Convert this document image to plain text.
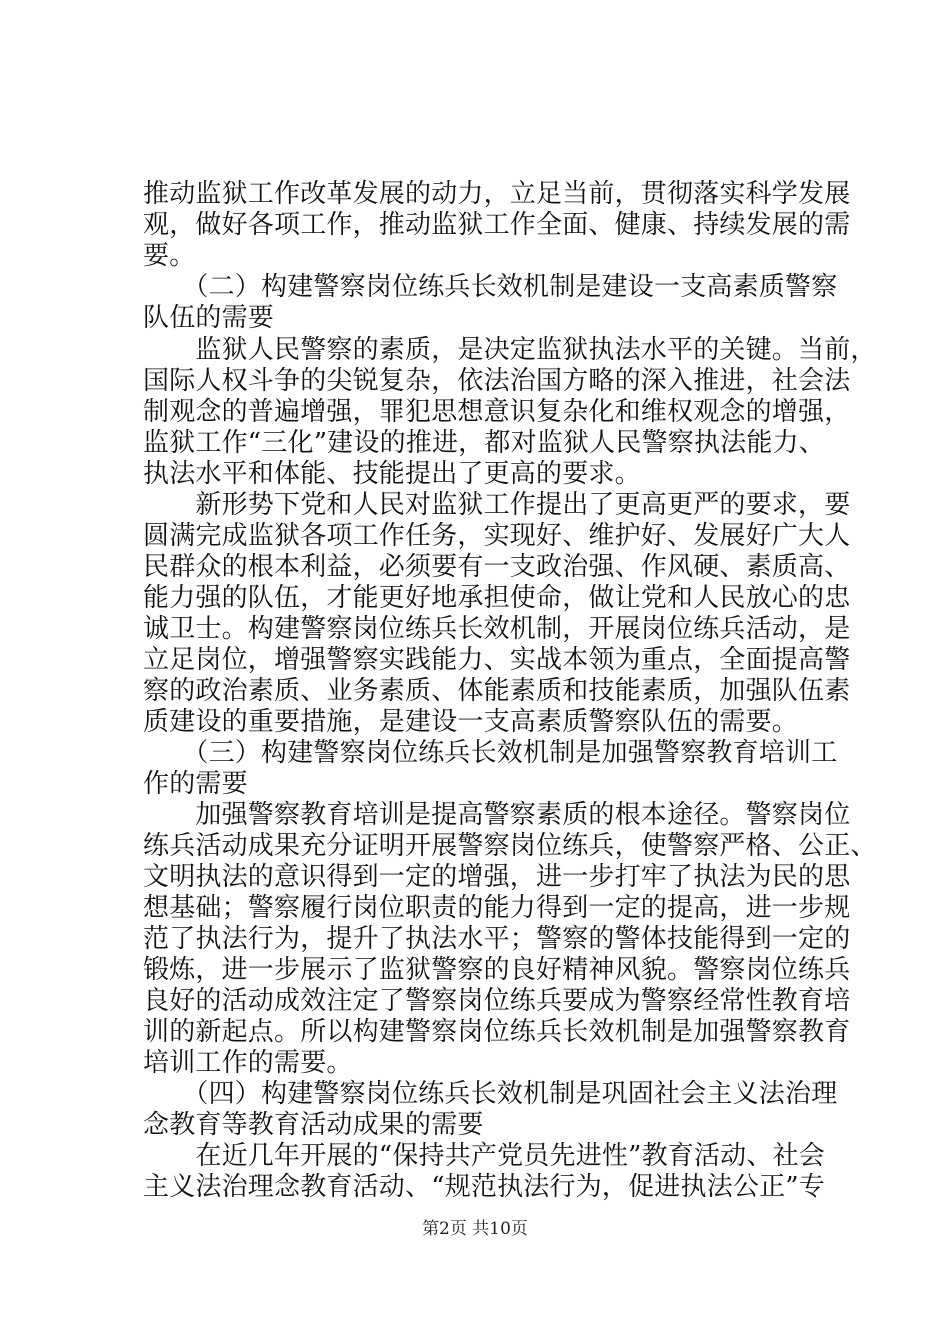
推动监狱工作改革发展的动力，立足当前，贯彻落实科学发展
观，做好各项工作，推动监狱工作全面、健康、持续发展的需
要。
　　（二）构建警察岗位练兵长效机制是建设一支高素质警察
队伍的需要
　　监狱人民警察的素质，是决定监狱执法水平的关键。当前，
国际人权斗争的尖锐复杂，依法治国方略的深入推进，社会法
制观念的普遍增强，罪犯思想意识复杂化和维权观念的增强，
监狱工作“三化”建设的推进，都对监狱人民警察执法能力、
执法水平和体能、技能提出了更高的要求。
　　新形势下党和人民对监狱工作提出了更高更严的要求，要
圆满完成监狱各项工作任务，实现好、维护好、发展好广大人
民群众的根本利益，必须要有一支政治强、作风硬、素质高、
能力强的队伍，才能更好地承担使命，做让党和人民放心的忠
诚卫士。构建警察岗位练兵长效机制，开展岗位练兵活动，是
立足岗位，增强警察实践能力、实战本领为重点，全面提高警
察的政治素质、业务素质、体能素质和技能素质，加强队伍素
质建设的重要措施，是建设一支高素质警察队伍的需要。
　　（三）构建警察岗位练兵长效机制是加强警察教育培训工
作的需要
　　加强警察教育培训是提高警察素质的根本途径。警察岗位
练兵活动成果充分证明开展警察岗位练兵，使警察严格、公正、
文明执法的意识得到一定的增强，进一步打牢了执法为民的思
想基础；警察履行岗位职责的能力得到一定的提高，进一步规
范了执法行为，提升了执法水平；警察的警体技能得到一定的
锻炼，进一步展示了监狱警察的良好精神风貌。警察岗位练兵
良好的活动成效注定了警察岗位练兵要成为警察经常性教育培
训的新起点。所以构建警察岗位练兵长效机制是加强警察教育
培训工作的需要。
　　（四）构建警察岗位练兵长效机制是巩固社会主义法治理
念教育等教育活动成果的需要
　　在近几年开展的“保持共产党员先进性”教育活动、社会
主义法治理念教育活动、“规范执法行为，促进执法公正”专
第2页 共10页
